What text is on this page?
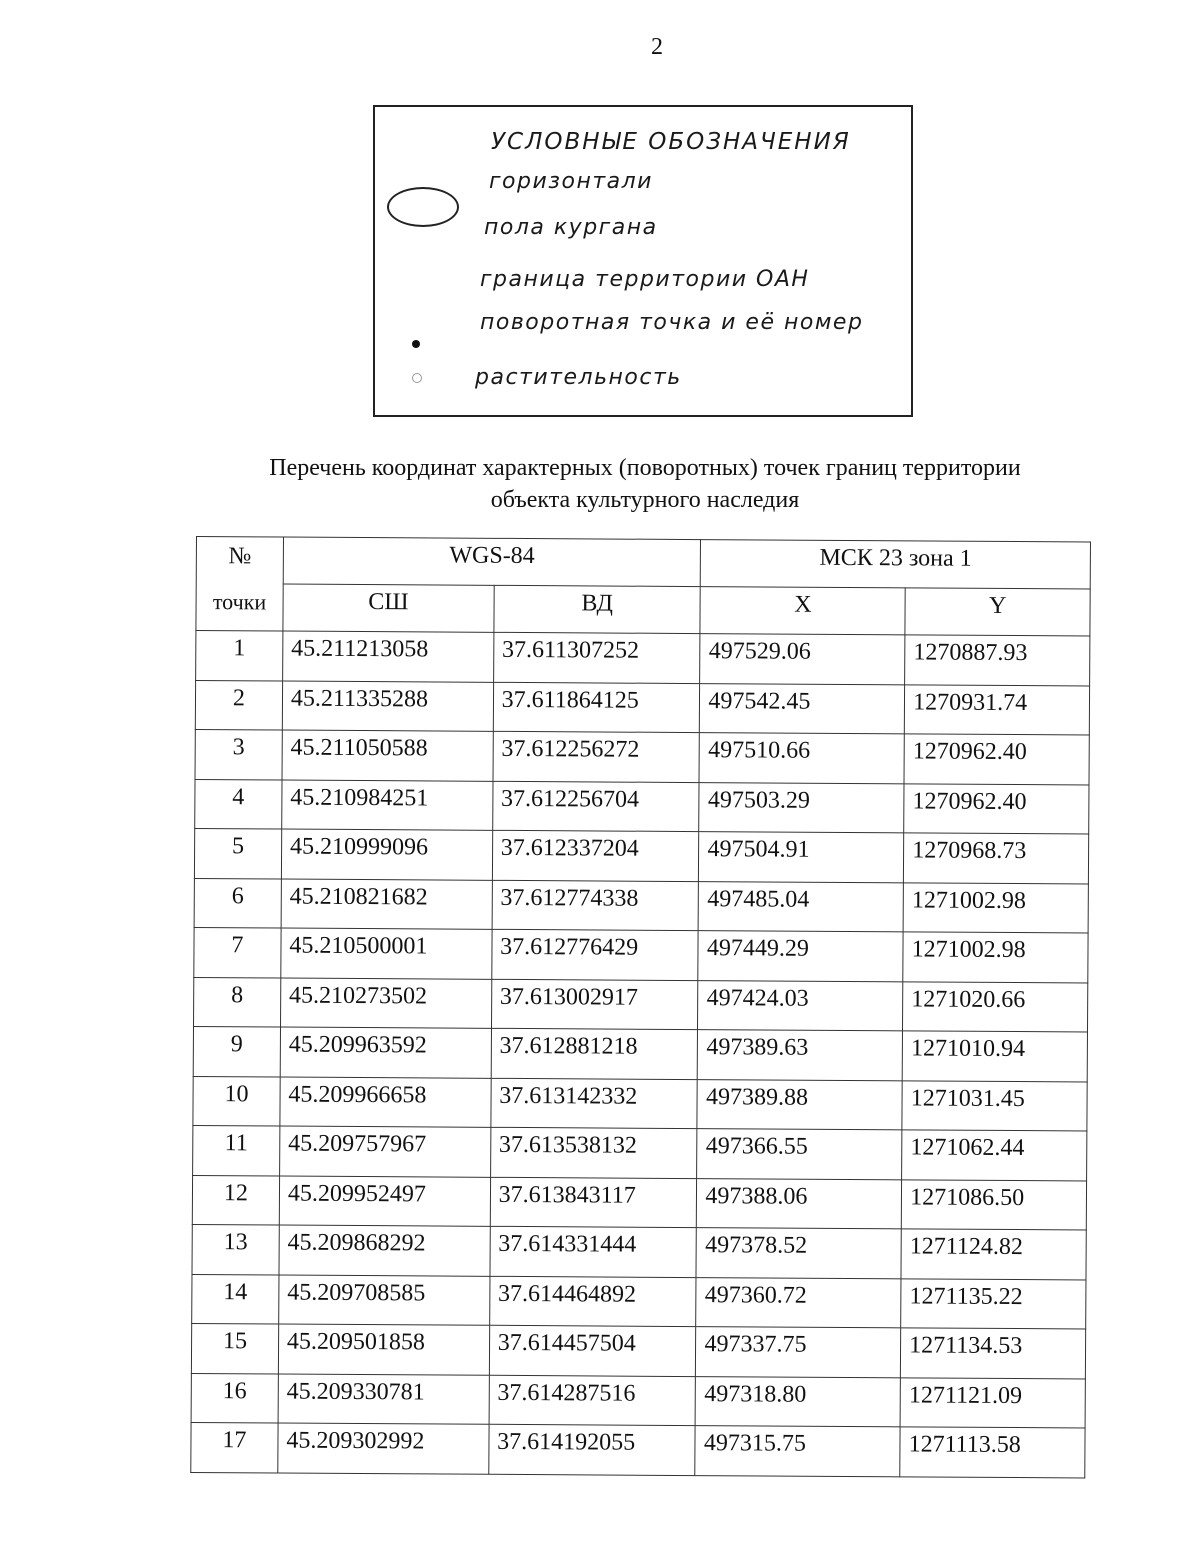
2
УСЛОВНЫЕ ОБОЗНАЧЕНИЯ
горизонтали
пола кургана
граница территории ОАН
поворотная точка и её номер
растительность
Перечень координат характерных (поворотных) точек границ территории
объекта культурного наследия
№
точки	WGS-84		МСК 23 зона 1	
	СШ	ВД	X	Y
1	45.211213058	37.611307252	497529.06	1270887.93
2	45.211335288	37.611864125	497542.45	1270931.74
3	45.211050588	37.612256272	497510.66	1270962.40
4	45.210984251	37.612256704	497503.29	1270962.40
5	45.210999096	37.612337204	497504.91	1270968.73
6	45.210821682	37.612774338	497485.04	1271002.98
7	45.210500001	37.612776429	497449.29	1271002.98
8	45.210273502	37.613002917	497424.03	1271020.66
9	45.209963592	37.612881218	497389.63	1271010.94
10	45.209966658	37.613142332	497389.88	1271031.45
11	45.209757967	37.613538132	497366.55	1271062.44
12	45.209952497	37.613843117	497388.06	1271086.50
13	45.209868292	37.614331444	497378.52	1271124.82
14	45.209708585	37.614464892	497360.72	1271135.22
15	45.209501858	37.614457504	497337.75	1271134.53
16	45.209330781	37.614287516	497318.80	1271121.09
17	45.209302992	37.614192055	497315.75	1271113.58
